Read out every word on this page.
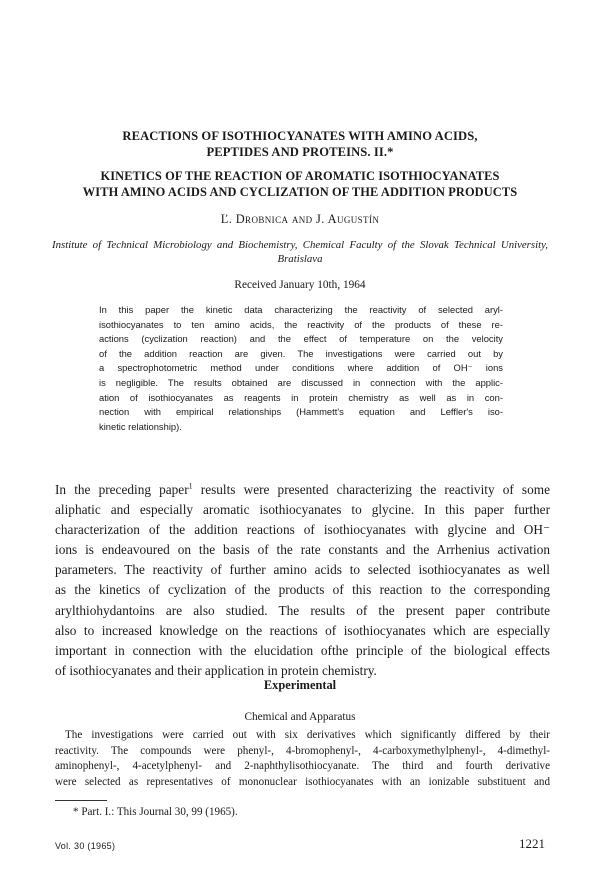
REACTIONS OF ISOTHIOCYANATES WITH AMINO ACIDS,
PEPTIDES AND PROTEINS. II.*
KINETICS OF THE REACTION OF AROMATIC ISOTHIOCYANATES
WITH AMINO ACIDS AND CYCLIZATION OF THE ADDITION PRODUCTS
Ľ. Drobnica and J. Augustín
Institute of Technical Microbiology and Biochemistry, Chemical Faculty of the Slovak Technical University, Bratislava
Received January 10th, 1964

In this paper the kinetic data characterizing the reactivity of selected aryl-
isothiocyanates to ten amino acids, the reactivity of the products of these re-
actions (cyclization reaction) and the effect of temperature on the velocity
of the addition reaction are given. The investigations were carried out by
a spectrophotometric method under conditions where addition of OH⁻ ions
is negligible. The results obtained are discussed in connection with the applic-
ation of isothiocyanates as reagents in protein chemistry as well as in con-
nection with empirical relationships (Hammett's equation and Leffler's iso-
kinetic relationship).

In the preceding paper$^1$ results were presented characterizing the reactivity of some
aliphatic and especially aromatic isothiocyanates to glycine. In this paper further
characterization of the addition reactions of isothiocyanates with glycine and OH⁻
ions is endeavoured on the basis of the rate constants and the Arrhenius activation
parameters. The reactivity of further amino acids to selected isothiocyanates as well
as the kinetics of cyclization of the products of this reaction to the corresponding
arylthiohydantoins are also studied. The results of the present paper contribute
also to increased knowledge on the reactions of isothiocyanates which are especially
important in connection with the elucidation ofthe principle of the biological effects
of isothiocyanates and their application in protein chemistry.

Experimental
Chemical and Apparatus

The investigations were carried out with six derivatives which significantly differed by their
reactivity. The compounds were phenyl-, 4-bromophenyl-, 4-carboxymethylphenyl-, 4-dimethyl-
aminophenyl-, 4-acetylphenyl- and 2-naphthylisothiocyanate. The third and fourth derivative
were selected as representatives of mononuclear isothiocyanates with an ionizable substituent and

* Part. I.: This Journal 30, 99 (1965).
Vol. 30 (1965)	1221
